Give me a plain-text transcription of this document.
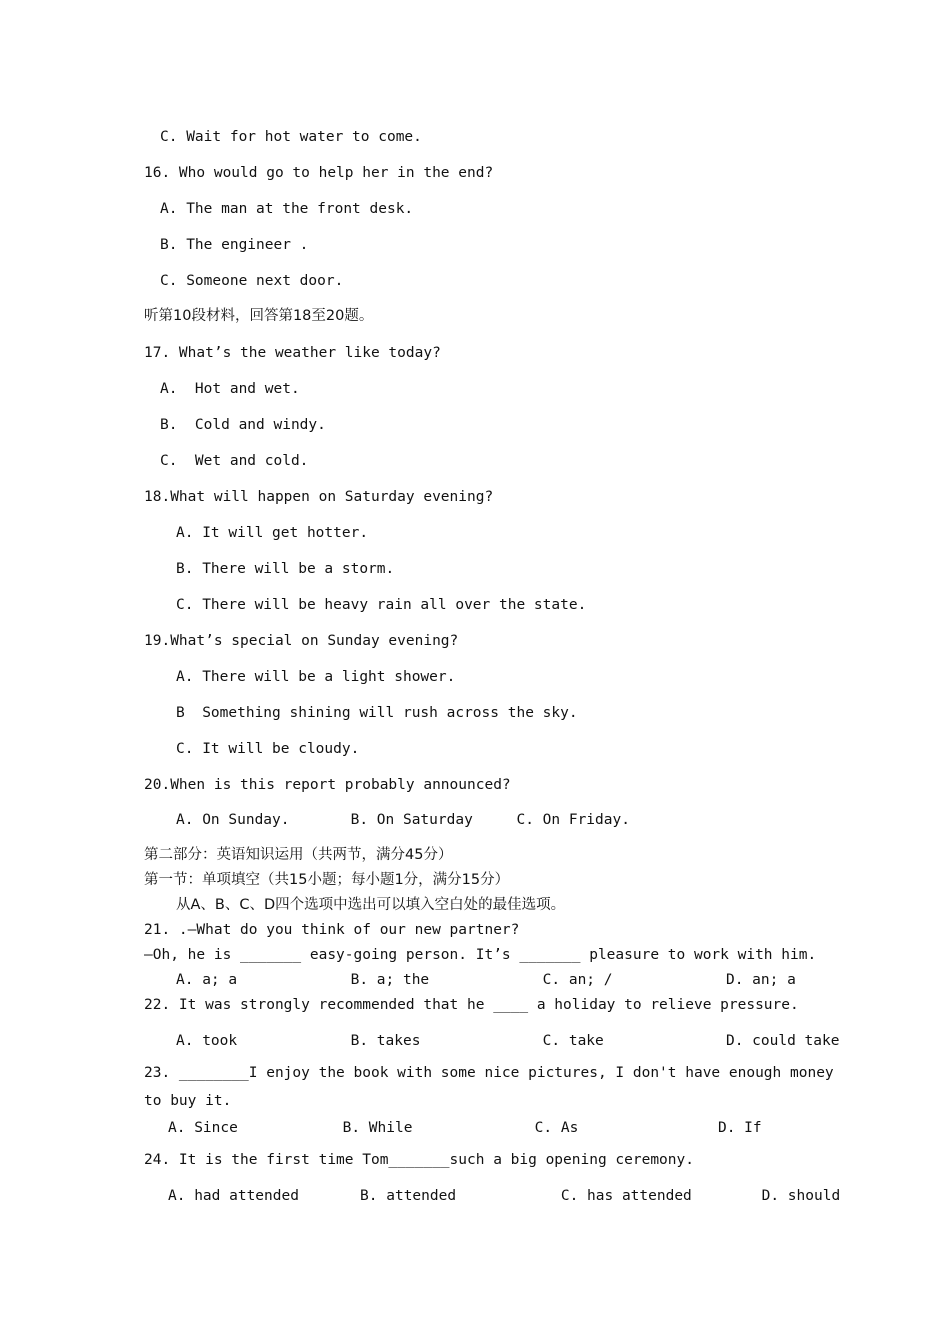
C. Wait for hot water to come.
16. Who would go to help her in the end?
A. The man at the front desk.
B. The engineer .
C. Someone next door.
听第10段材料，回答第18至20题。
17. What’s the weather like today?
A.  Hot and wet.
B.  Cold and windy.
C.  Wet and cold.
18.What will happen on Saturday evening?
A. It will get hotter.
B. There will be a storm.
C. There will be heavy rain all over the state.
19.What’s special on Sunday evening?
A. There will be a light shower.
B  Something shining will rush across the sky.
C. It will be cloudy.
20.When is this report probably announced?
A. On Sunday.       B. On Saturday     C. On Friday.
第二部分：英语知识运用（共两节，满分45分）
第一节：单项填空（共15小题；每小题1分，满分15分）
从A、B、C、D四个选项中选出可以填入空白处的最佳选项。
21. .—What do you think of our new partner?
—Oh, he is _______ easy-going person. It’s _______ pleasure to work with him.
A. a; a             B. a; the             C. an; /             D. an; a
22. It was strongly recommended that he ____ a holiday to relieve pressure.
A. took             B. takes              C. take              D. could take
23. ________I enjoy the book with some nice pictures, I don't have enough money
to buy it.
A. Since            B. While              C. As                D. If
24. It is the first time Tom_______such a big opening ceremony.
A. had attended       B. attended            C. has attended        D. should
